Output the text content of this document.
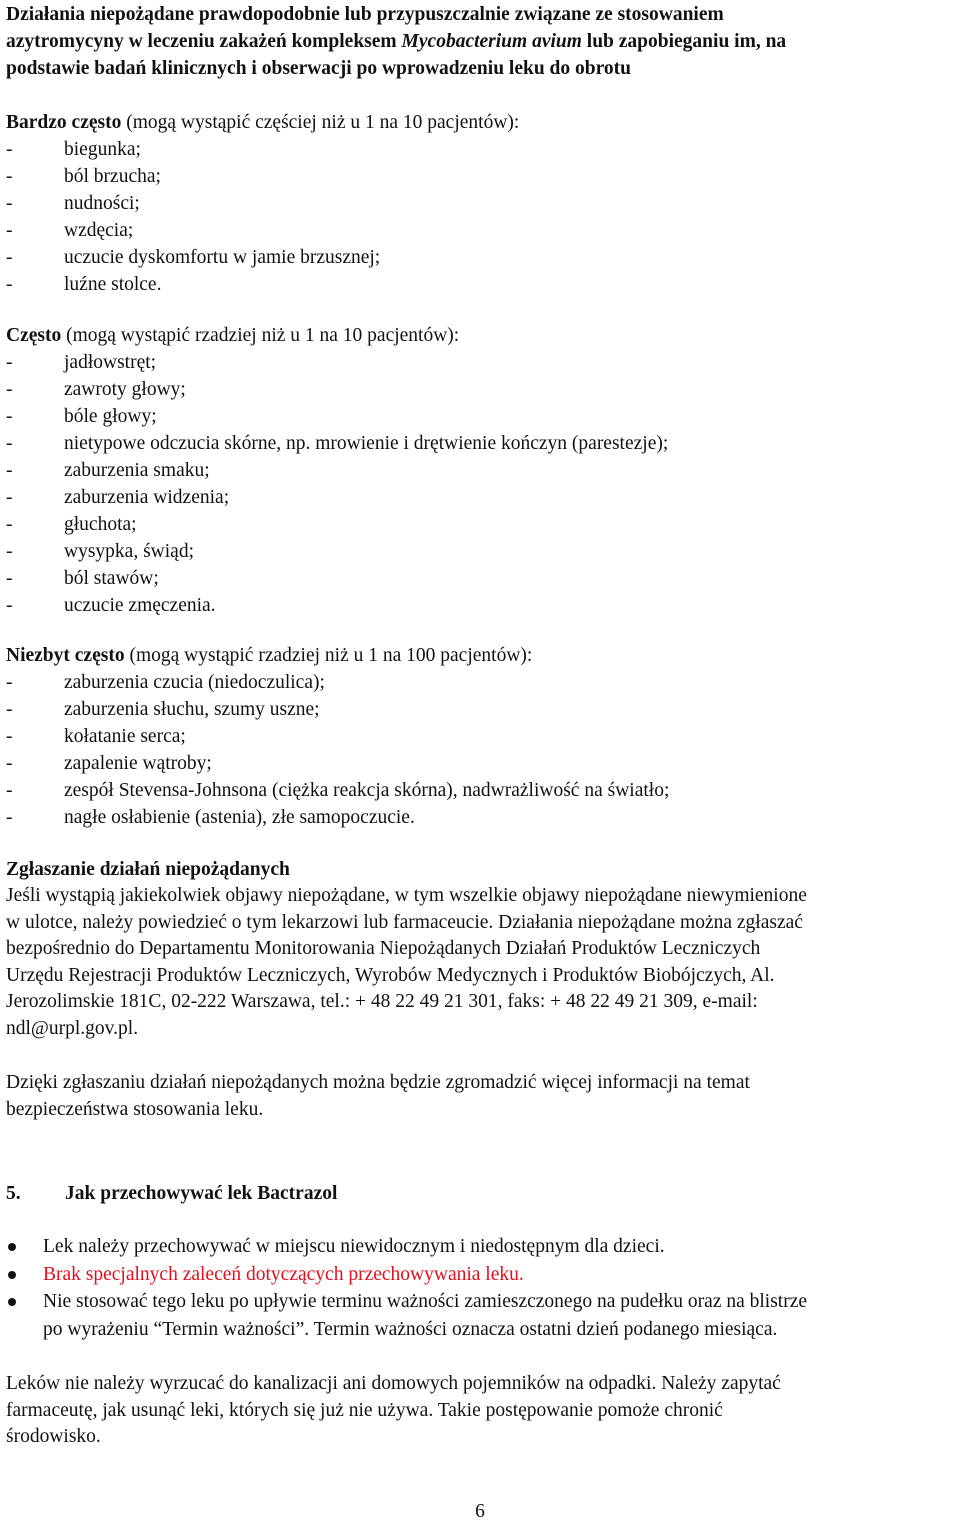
Działania niepożądane prawdopodobnie lub przypuszczalnie związane ze stosowaniem

azytromycyny w leczeniu zakażeń kompleksem Mycobacterium avium lub zapobieganiu im, na

podstawie badań klinicznych i obserwacji po wprowadzeniu leku do obrotu

Bardzo często (mogą wystąpić częściej niż u 1 na 10 pacjentów):

-	biegunka;
-	ból brzucha;
-	nudności;
-	wzdęcia;
-	uczucie dyskomfortu w jamie brzusznej;
-	luźne stolce.

Często (mogą wystąpić rzadziej niż u 1 na 10 pacjentów):

-	jadłowstręt;
-	zawroty głowy;
-	bóle głowy;
-	nietypowe odczucia skórne, np. mrowienie i drętwienie kończyn (parestezje);
-	zaburzenia smaku;
-	zaburzenia widzenia;
-	głuchota;
-	wysypka, świąd;
-	ból stawów;
-	uczucie zmęczenia.

Niezbyt często (mogą wystąpić rzadziej niż u 1 na 100 pacjentów):

-	zaburzenia czucia (niedoczulica);
-	zaburzenia słuchu, szumy uszne;
-	kołatanie serca;
-	zapalenie wątroby;
-	zespół Stevensa-Johnsona (ciężka reakcja skórna), nadwrażliwość na światło;
-	nagłe osłabienie (astenia), złe samopoczucie.

Zgłaszanie działań niepożądanych

Jeśli wystąpią jakiekolwiek objawy niepożądane, w tym wszelkie objawy niepożądane niewymienione

w ulotce, należy powiedzieć o tym lekarzowi lub farmaceucie. Działania niepożądane można zgłaszać

bezpośrednio do Departamentu Monitorowania Niepożądanych Działań Produktów Leczniczych

Urzędu Rejestracji Produktów Leczniczych, Wyrobów Medycznych i Produktów Biobójczych, Al.

Jerozolimskie 181C, 02-222 Warszawa, tel.: + 48 22 49 21 301, faks: + 48 22 49 21 309, e-mail:

ndl@urpl.gov.pl.

Dzięki zgłaszaniu działań niepożądanych można będzie zgromadzić więcej informacji na temat

bezpieczeństwa stosowania leku.

5. Jak przechowywać lek Bactrazol

Lek należy przechowywać w miejscu niewidocznym i niedostępnym dla dzieci.

Brak specjalnych zaleceń dotyczących przechowywania leku.

Nie stosować tego leku po upływie terminu ważności zamieszczonego na pudełku oraz na blistrze

po wyrażeniu “Termin ważności”. Termin ważności oznacza ostatni dzień podanego miesiąca.

Leków nie należy wyrzucać do kanalizacji ani domowych pojemników na odpadki. Należy zapytać

farmaceutę, jak usunąć leki, których się już nie używa. Takie postępowanie pomoże chronić

środowisko.

6
